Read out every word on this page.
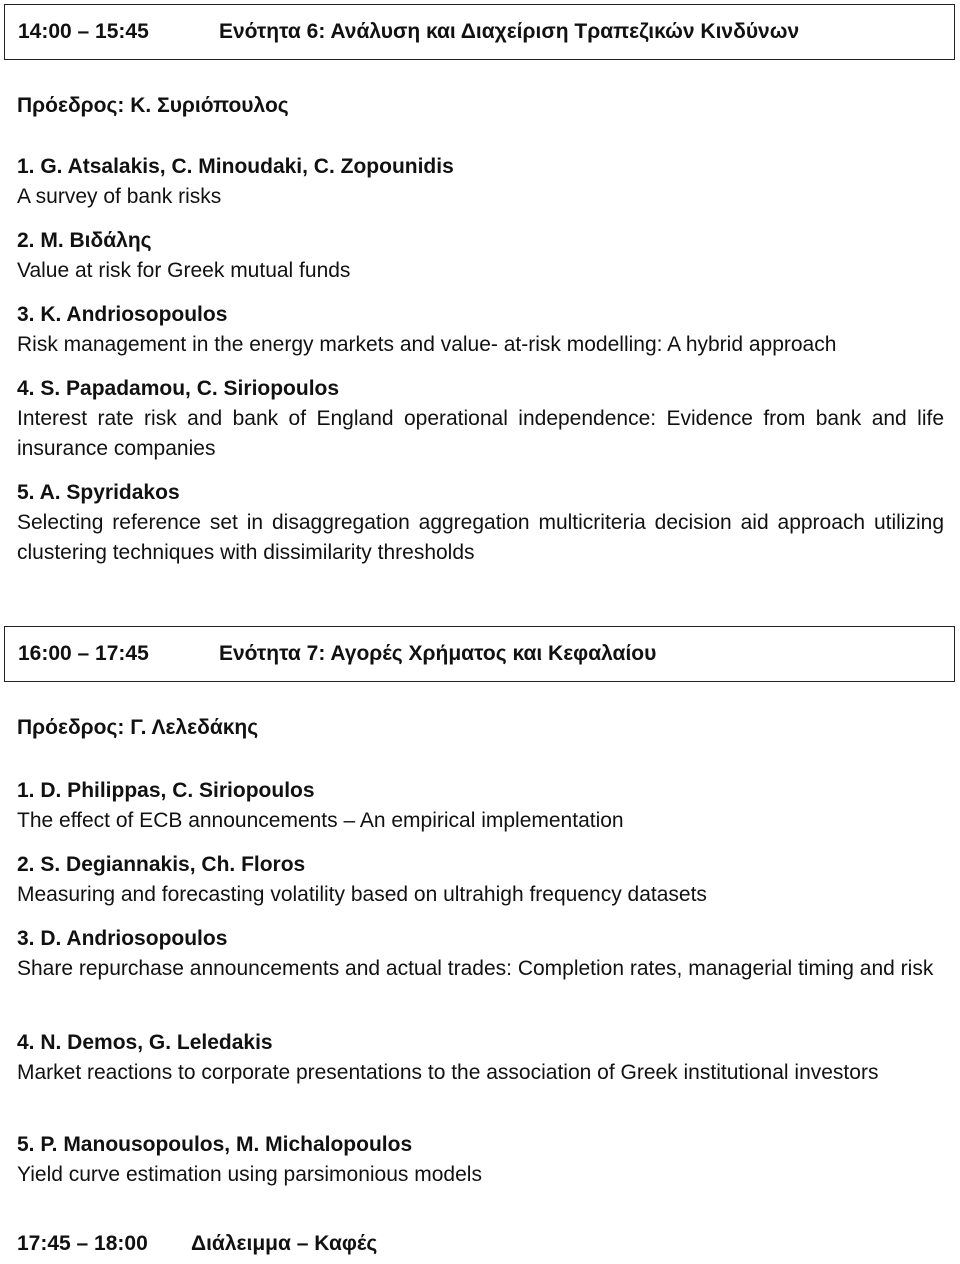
14:00 – 15:45	Ενότητα 6: Ανάλυση και Διαχείριση Τραπεζικών Κινδύνων
Πρόεδρος: Κ. Συριόπουλος
1. G. Atsalakis, C. Minoudaki, C. Zopounidis
A survey of bank risks
2. M. Βιδάλης
Value at risk for Greek mutual funds
3. K. Andriosopoulos
Risk management in the energy markets and value- at-risk modelling: A hybrid approach
4. S. Papadamou, C. Siriopoulos
Interest rate risk and bank of England operational independence: Evidence from bank and life insurance companies
5. A. Spyridakos
Selecting reference set in disaggregation aggregation multicriteria decision aid approach utilizing clustering techniques with dissimilarity thresholds
16:00 – 17:45	Ενότητα 7: Αγορές Χρήματος και Κεφαλαίου
Πρόεδρος: Γ. Λελεδάκης
1. D. Philippas, C. Siriopoulos
The effect of ECB announcements – An empirical implementation
2. S. Degiannakis, Ch. Floros
Measuring and forecasting volatility based on ultrahigh frequency datasets
3. D. Andriosopoulos
Share repurchase announcements and actual trades: Completion rates, managerial timing and risk
4. N. Demos, G. Leledakis
Market reactions to corporate presentations to the association of Greek institutional investors
5. P. Manousopoulos, M. Michalopoulos
Yield curve estimation using parsimonious models
17:45 – 18:00 Διάλειμμα – Καφές
